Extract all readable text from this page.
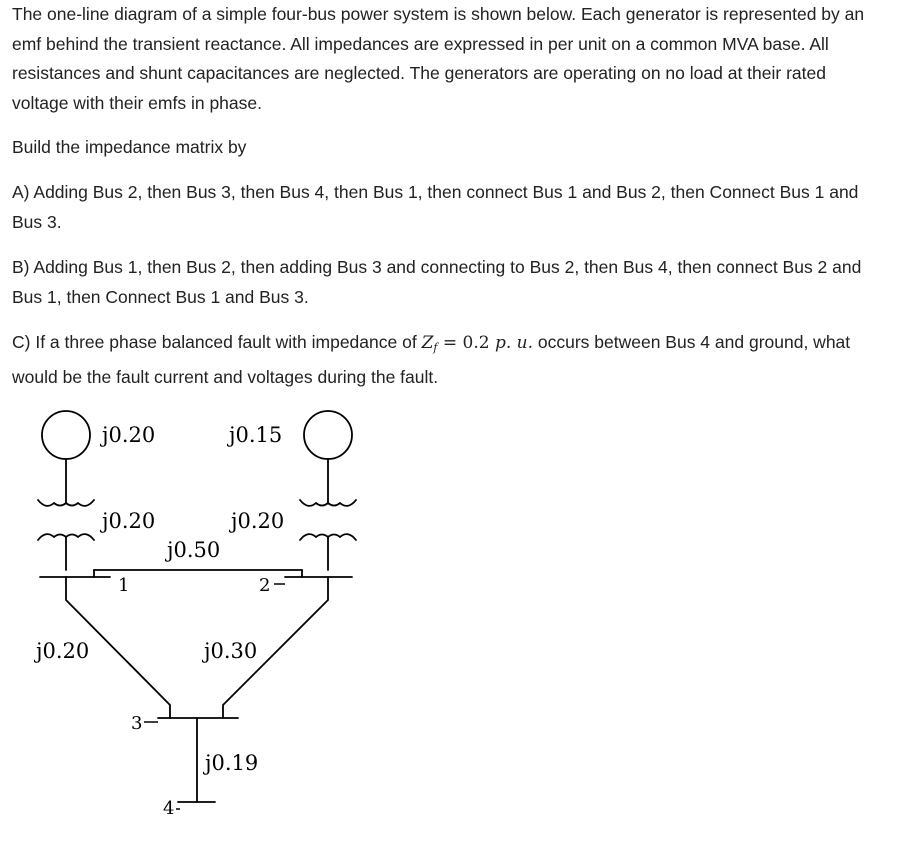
The one-line diagram of a simple four-bus power system is shown below. Each generator is represented by an emf behind the transient reactance. All impedances are expressed in per unit on a common MVA base. All resistances and shunt capacitances are neglected. The generators are operating on no load at their rated voltage with their emfs in phase.

Build the impedance matrix by

A) Adding Bus 2, then Bus 3, then Bus 4, then Bus 1, then connect Bus 1 and Bus 2, then Connect Bus 1 and Bus 3.

B) Adding Bus 1, then Bus 2, then adding Bus 3 and connecting to Bus 2, then Bus 4, then connect Bus 2 and Bus 1, then Connect Bus 1 and Bus 3.

C) If a three phase balanced fault with impedance of Zf = 0.2 p. u. occurs between Bus 4 and ground, what would be the fault current and voltages during the fault.

j0.20	j0.15
j0.20	j0.20
j0.50
j0.20	j0.30
j0.19
1	2
3
4
